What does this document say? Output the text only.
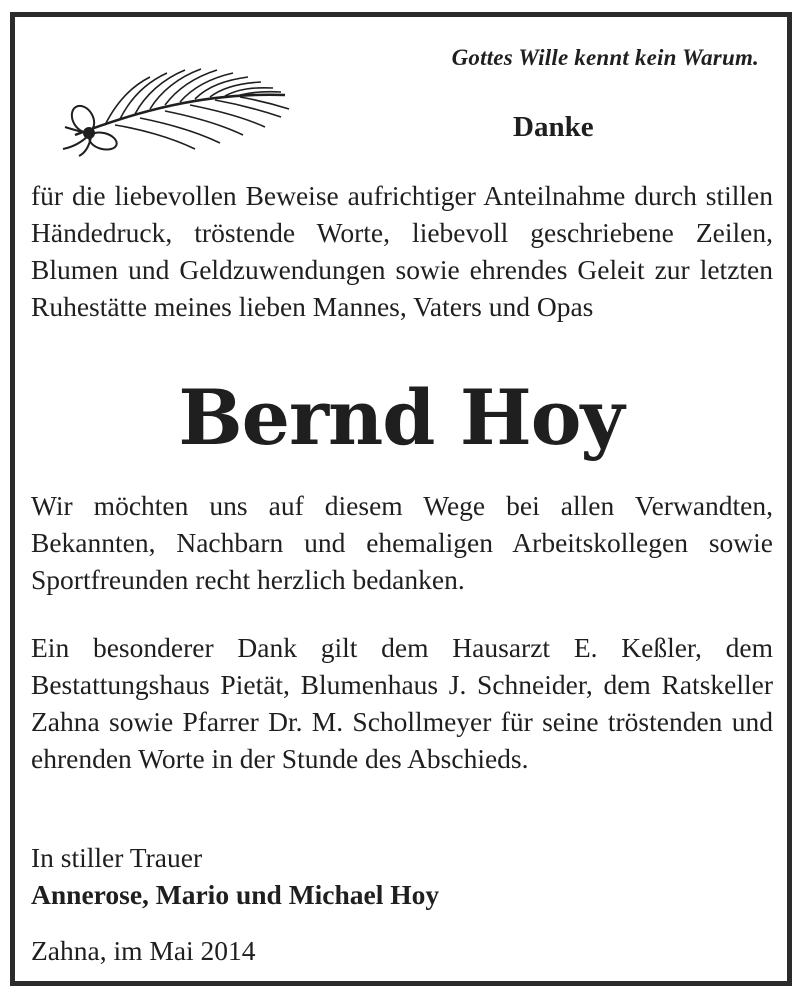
Gottes Wille kennt kein Warum.
Danke
für die liebevollen Beweise aufrichtiger Anteilnahme durch stillen Händedruck, tröstende Worte, liebevoll geschriebene Zeilen, Blumen und Geldzuwendungen sowie ehrendes Geleit zur letzten Ruhestätte meines lieben Mannes, Vaters und Opas
Bernd Hoy
Wir möchten uns auf diesem Wege bei allen Verwandten, Bekannten, Nachbarn und ehemaligen Arbeitskollegen sowie Sportfreunden recht herzlich bedanken.
Ein besonderer Dank gilt dem Hausarzt E. Keßler, dem Bestattungshaus Pietät, Blumenhaus J. Schneider, dem Ratskeller Zahna sowie Pfarrer Dr. M. Schollmeyer für seine tröstenden und ehrenden Worte in der Stunde des Abschieds.
In stiller Trauer
Annerose, Mario und Michael Hoy
Zahna, im Mai 2014
